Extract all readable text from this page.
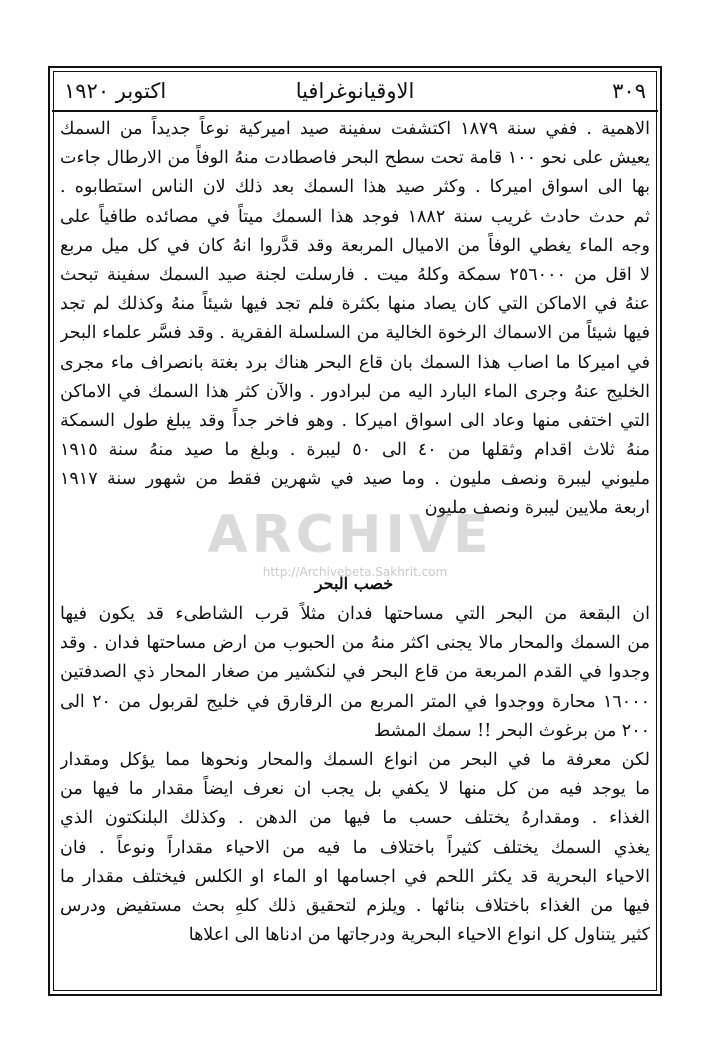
٣٠٩
الاوقيانوغرافيا
اكتوبر ١٩٢٠
الاهمية . ففي سنة ١٨٧٩ اكتشفت سفينة صيد اميركية نوعاً جديداً من السمك
يعيش على نحو ١٠٠ قامة تحت سطح البحر فاصطادت منهُ الوفاً من الارطال جاءت
بها الى اسواق اميركا . وكثر صيد هذا السمك بعد ذلك لان الناس استطابوه .
ثم حدث حادث غريب سنة ١٨٨٢ فوجد هذا السمك ميتاً في مصائده طافياً على
وجه الماء يغطي الوفاً من الاميال المربعة وقد قدَّروا انهُ كان في كل ميل مربع
لا اقل من ٢٥٦٠٠٠ سمكة وكلهُ ميت . فارسلت لجنة صيد السمك سفينة تبحث
عنهُ في الاماكن التي كان يصاد منها بكثرة فلم تجد فيها شيئاً منهُ وكذلك لم تجد
فيها شيئاً من الاسماك الرخوة الخالية من السلسلة الفقرية . وقد فسَّر علماء البحر
في اميركا ما اصاب هذا السمك بان قاع البحر هناك برد بغتة بانصراف ماء مجرى
الخليج عنهُ وجرى الماء البارد اليه من لبرادور . والآن كثر هذا السمك في الاماكن
التي اختفى منها وعاد الى اسواق اميركا . وهو فاخر جداً وقد يبلغ طول السمكة
منهُ ثلاث اقدام وثقلها من ٤٠ الى ٥٠ ليبرة . وبلغ ما صيد منهُ سنة ١٩١٥
مليوني ليبرة ونصف مليون . وما صيد في شهرين فقط من شهور سنة ١٩١٧
اربعة ملايين ليبرة ونصف مليون
خصب البحر
ان البقعة من البحر التي مساحتها فدان مثلاً قرب الشاطىء قد يكون فيها
من السمك والمحار مالا يجنى اكثر منهُ من الحبوب من ارض مساحتها فدان . وقد
وجدوا في القدم المربعة من قاع البحر في لنكشير من صغار المحار ذي الصدفتين
١٦٠٠٠ محارة ووجدوا في المتر المربع من الرقارق في خليج لقربول من ٢٠ الى
٢٠٠ من برغوث البحر !! سمك المشط
لكن معرفة ما في البحر من انواع السمك والمحار ونحوها مما يؤكل ومقدار
ما يوجد فيه من كل منها لا يكفي بل يجب ان نعرف ايضاً مقدار ما فيها من
الغذاء . ومقدارهُ يختلف حسب ما فيها من الدهن . وكذلك البلنكتون الذي
يغذي السمك يختلف كثيراً باختلاف ما فيه من الاحياء مقداراً ونوعاً . فان
الاحياء البحرية قد يكثر اللحم في اجسامها او الماء او الكلس فيختلف مقدار ما
فيها من الغذاء باختلاف بنائها . ويلزم لتحقيق ذلك كلهِ بحث مستفيض ودرس
كثير يتناول كل انواع الاحياء البحرية ودرجاتها من ادناها الى اعلاها
ARCHIVE
http://Archivebeta.Sakhrit.com
